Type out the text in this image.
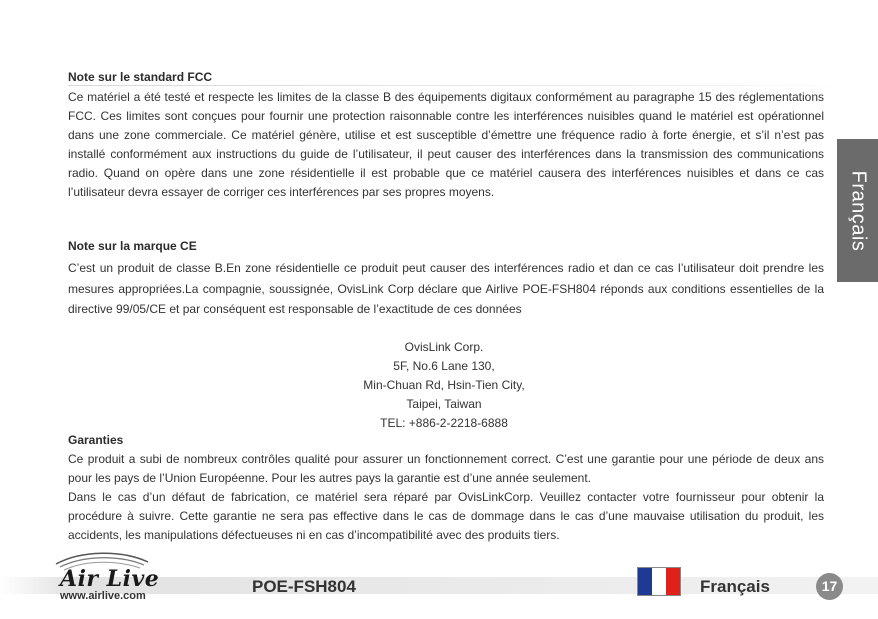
Note sur le standard FCC

Ce matériel a été testé et respecte les limites de la classe B des équipements digitaux conformément au paragraphe 15 des réglementations FCC. Ces limites sont conçues pour fournir une protection raisonnable contre les interférences nuisibles quand le matériel est opérationnel dans une zone commerciale. Ce matériel génère, utilise et est susceptible d’émettre une fréquence radio à forte énergie, et s’il n’est pas installé conformément aux instructions du guide de l’utilisateur, il peut causer des interférences dans la transmission des communications radio. Quand on opère dans une zone résidentielle il est probable que ce matériel causera des interférences nuisibles et dans ce cas l’utilisateur devra essayer de corriger ces interférences par ses propres moyens.

Note sur la marque CE

C’est un produit de classe B.En zone résidentielle ce produit peut causer des interférences radio et dan ce cas l’utilisateur doit prendre les mesures appropriées.La compagnie, soussignée, OvisLink Corp déclare que Airlive POE-FSH804 réponds aux conditions essentielles de la directive 99/05/CE et par conséquent est responsable de l’exactitude de ces données

OvisLink Corp.
5F, No.6 Lane 130,
Min-Chuan Rd, Hsin-Tien City,
Taipei, Taiwan
TEL: +886-2-2218-6888
Garanties

Ce produit a subi de nombreux contrôles qualité pour assurer un fonctionnement correct. C’est une garantie pour une période de deux ans pour les pays de l’Union Européenne. Pour les autres pays la garantie est d’une année seulement.

Dans le cas d’un défaut de fabrication, ce matériel sera réparé par OvisLinkCorp. Veuillez contacter votre fournisseur pour obtenir la procédure à suivre. Cette garantie ne sera pas effective dans le cas de dommage dans le cas d’une mauvaise utilisation du produit, les accidents, les manipulations défectueuses ni en cas d’incompatibilité avec des produits tiers.

Français
Air Live
www.airlive.com	POE-FSH804	Français	17
